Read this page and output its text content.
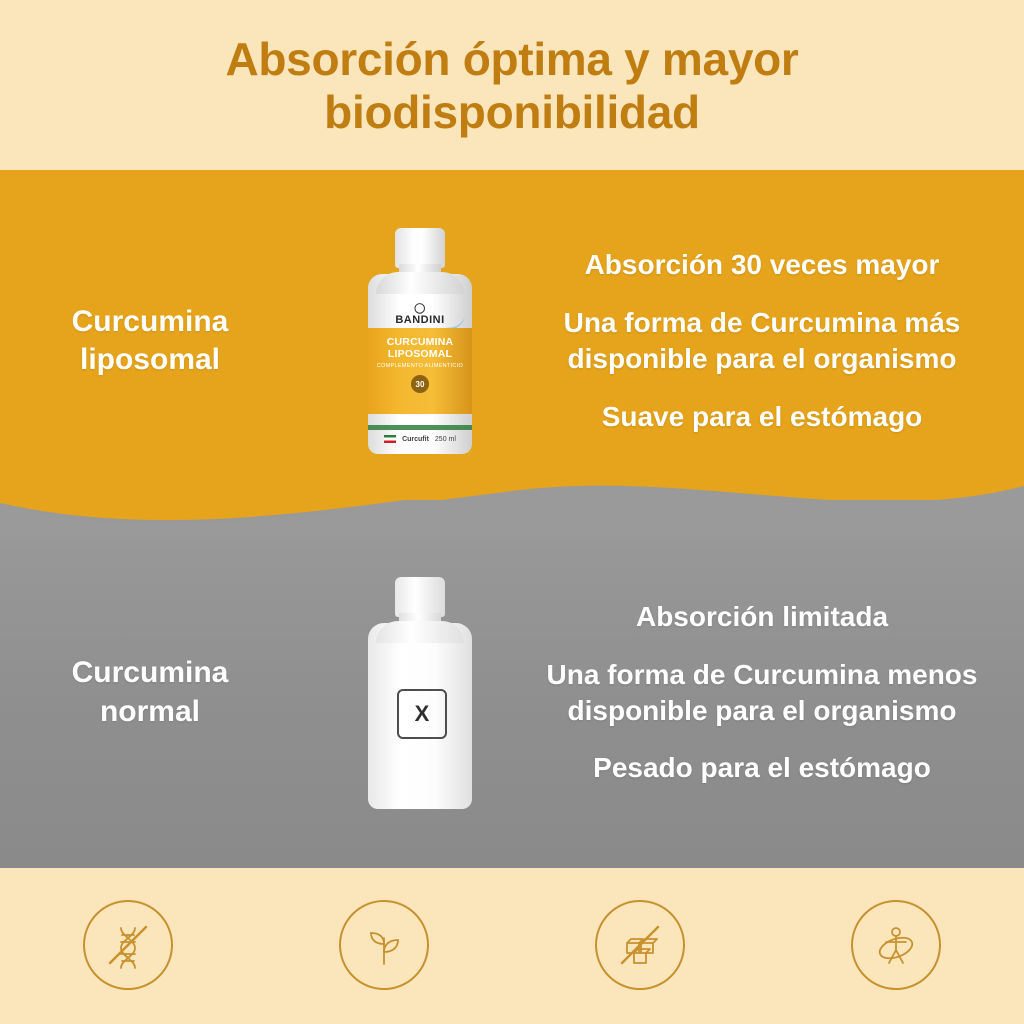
Absorción óptima y mayor biodisponibilidad
Curcumina
liposomal
◯
BANDINI
CURCUMINA
LIPOSOMAL
COMPLEMENTO ALIMENTICIO
30
Curcufit 250 ml
Absorción 30 veces mayor
Una forma de Curcumina más disponible para el organismo
Suave para el estómago
Curcumina
normal	X
Absorción limitada
Una forma de Curcumina menos disponible para el organismo
Pesado para el estómago
